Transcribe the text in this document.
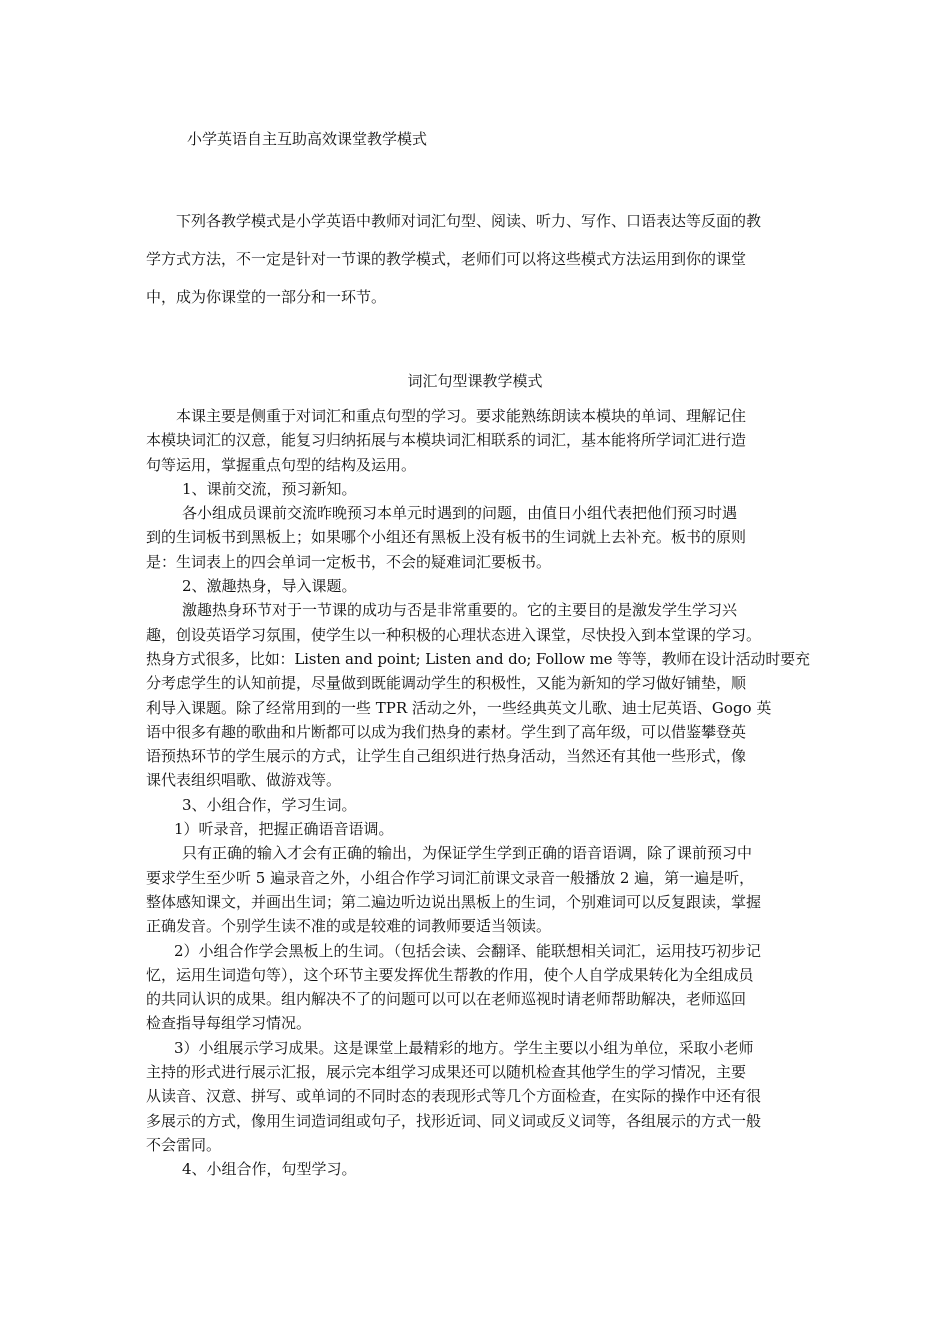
小学英语自主互助高效课堂教学模式

下列各教学模式是小学英语中教师对词汇句型、阅读、听力、写作、口语表达等反面的教
学方式方法，不一定是针对一节课的教学模式，老师们可以将这些模式方法运用到你的课堂
中，成为你课堂的一部分和一环节。

词汇句型课教学模式
本课主要是侧重于对词汇和重点句型的学习。要求能熟练朗读本模块的单词、理解记住
本模块词汇的汉意，能复习归纳拓展与本模块词汇相联系的词汇，基本能将所学词汇进行造
句等运用，掌握重点句型的结构及运用。
1、课前交流，预习新知。
各小组成员课前交流昨晚预习本单元时遇到的问题，由值日小组代表把他们预习时遇
到的生词板书到黑板上；如果哪个小组还有黑板上没有板书的生词就上去补充。板书的原则
是：生词表上的四会单词一定板书，不会的疑难词汇要板书。
2、激趣热身，导入课题。
激趣热身环节对于一节课的成功与否是非常重要的。它的主要目的是激发学生学习兴
趣，创设英语学习氛围，使学生以一种积极的心理状态进入课堂，尽快投入到本堂课的学习。
热身方式很多，比如：Listen and point; Listen and do; Follow me 等等，教师在设计活动时要充
分考虑学生的认知前提，尽量做到既能调动学生的积极性，又能为新知的学习做好铺垫，顺
利导入课题。除了经常用到的一些 TPR 活动之外，一些经典英文儿歌、迪士尼英语、Gogo 英
语中很多有趣的歌曲和片断都可以成为我们热身的素材。学生到了高年级，可以借鉴攀登英
语预热环节的学生展示的方式，让学生自己组织进行热身活动，当然还有其他一些形式，像
课代表组织唱歌、做游戏等。
3、小组合作，学习生词。
1）听录音，把握正确语音语调。
只有正确的输入才会有正确的输出，为保证学生学到正确的语音语调，除了课前预习中
要求学生至少听 5 遍录音之外，小组合作学习词汇前课文录音一般播放 2 遍，第一遍是听，
整体感知课文，并画出生词；第二遍边听边说出黑板上的生词，个别难词可以反复跟读，掌握
正确发音。个别学生读不准的或是较难的词教师要适当领读。
2）小组合作学会黑板上的生词。（包括会读、会翻译、能联想相关词汇，运用技巧初步记
忆，运用生词造句等），这个环节主要发挥优生帮教的作用，使个人自学成果转化为全组成员
的共同认识的成果。组内解决不了的问题可以可以在老师巡视时请老师帮助解决，老师巡回
检查指导每组学习情况。
3）小组展示学习成果。这是课堂上最精彩的地方。学生主要以小组为单位，采取小老师
主持的形式进行展示汇报，展示完本组学习成果还可以随机检查其他学生的学习情况，主要
从读音、汉意、拼写、或单词的不同时态的表现形式等几个方面检查，在实际的操作中还有很
多展示的方式，像用生词造词组或句子，找形近词、同义词或反义词等，各组展示的方式一般
不会雷同。
4、小组合作，句型学习。
